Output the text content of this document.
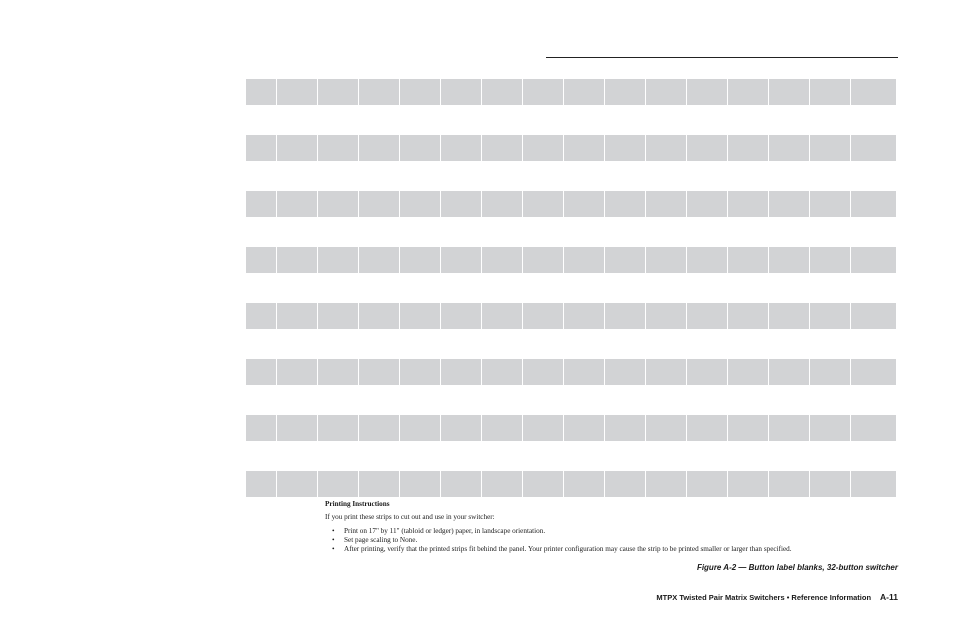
Printing Instructions

If you print these strips to cut out and use in your switcher:

• Print on 17" by 11" (tabloid or ledger) paper, in landscape orientation.
• Set page scaling to None.
• After printing, verify that the printed strips fit behind the panel. Your printer configuration may cause the strip to be printed smaller or larger than specified.
Figure A-2 — Button label blanks, 32-button switcher
MTPX Twisted Pair Matrix Switchers • Reference Information A-11
